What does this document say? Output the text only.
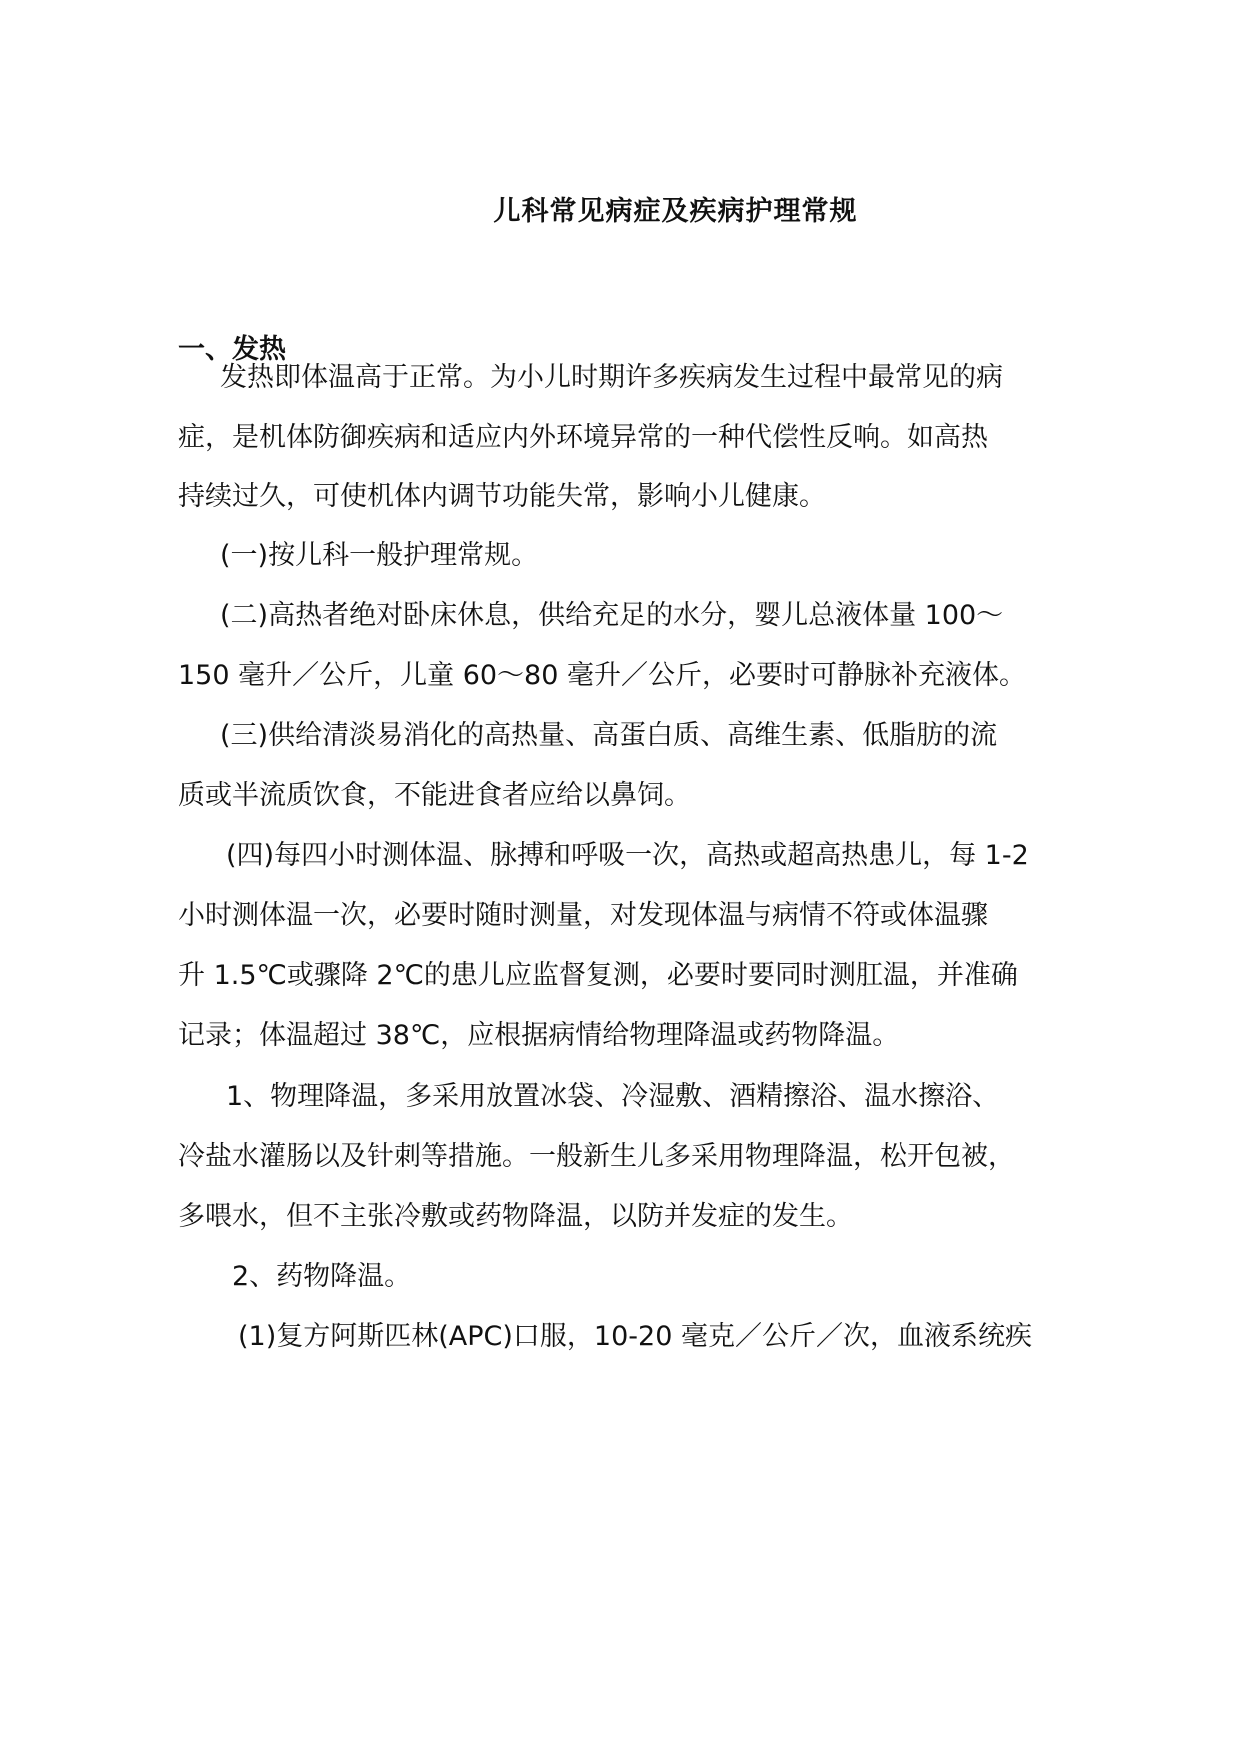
儿科常见病症及疾病护理常规
一、发热

发热即体温高于正常。为小儿时期许多疾病发生过程中最常见的病

症，是机体防御疾病和适应内外环境异常的一种代偿性反响。如高热

持续过久，可使机体内调节功能失常，影响小儿健康。

(一)按儿科一般护理常规。

(二)高热者绝对卧床休息，供给充足的水分，婴儿总液体量 100～

150 毫升／公斤，儿童 60～80 毫升／公斤，必要时可静脉补充液体。

(三)供给清淡易消化的高热量、高蛋白质、高维生素、低脂肪的流

质或半流质饮食，不能进食者应给以鼻饲。

(四)每四小时测体温、脉搏和呼吸一次，高热或超高热患儿，每 1-2

小时测体温一次，必要时随时测量，对发现体温与病情不符或体温骤

升 1.5℃或骤降 2℃的患儿应监督复测，必要时要同时测肛温，并准确

记录；体温超过 38℃，应根据病情给物理降温或药物降温。

1、物理降温，多采用放置冰袋、冷湿敷、酒精擦浴、温水擦浴、

冷盐水灌肠以及针刺等措施。一般新生儿多采用物理降温，松开包被，

多喂水，但不主张冷敷或药物降温，以防并发症的发生。

2、药物降温。

(1)复方阿斯匹林(APC)口服，10-20 毫克／公斤／次，血液系统疾
